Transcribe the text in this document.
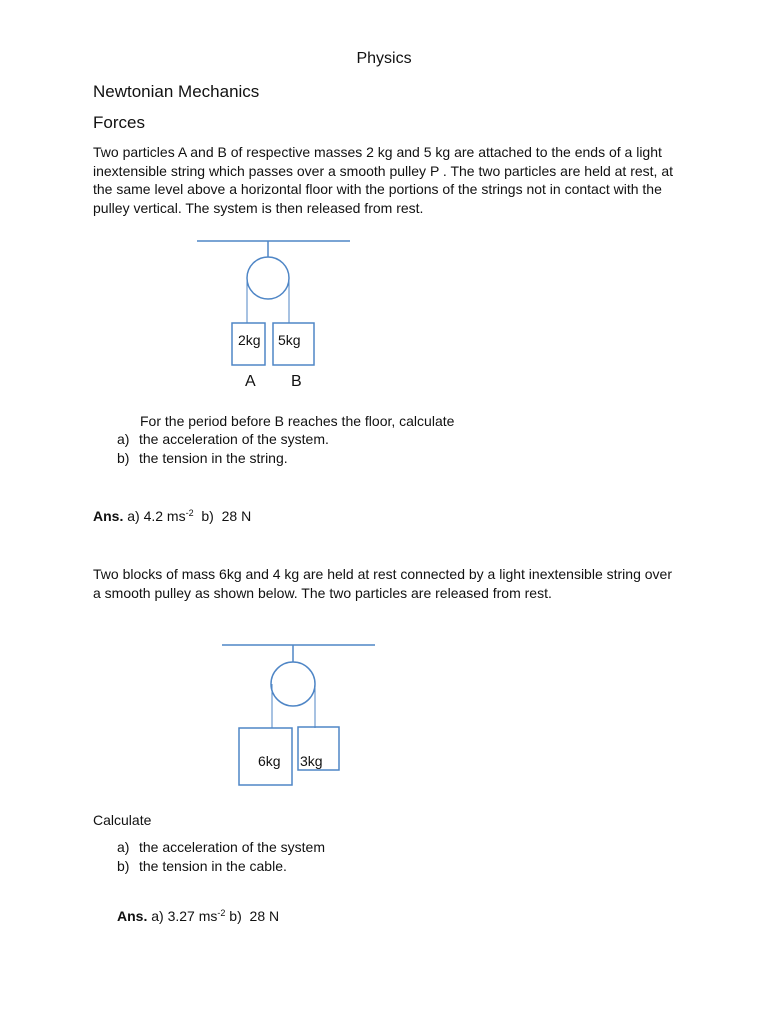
Physics
Newtonian Mechanics
Forces
Two particles A and B of respective masses 2 kg and 5 kg are attached to the ends of a light inextensible string which passes over a smooth pulley P . The two particles are held at rest, at the same level above a horizontal floor with the portions of the strings not in contact with the pulley vertical. The system is then released from rest.
2kg 5kg
A B
For the period before B reaches the floor, calculate
a) the acceleration of the system.
b) the tension in the string.
Ans. a) 4.2 $ms^{-2}$ b) 28 N
Two blocks of mass 6kg and 4 kg are held at rest connected by a light inextensible string over a smooth pulley as shown below. The two particles are released from rest.
6kg 3kg
Calculate
a) the acceleration of the system
b) the tension in the cable.
Ans. a) 3.27 $ms^{-2}$ b) 28 N
